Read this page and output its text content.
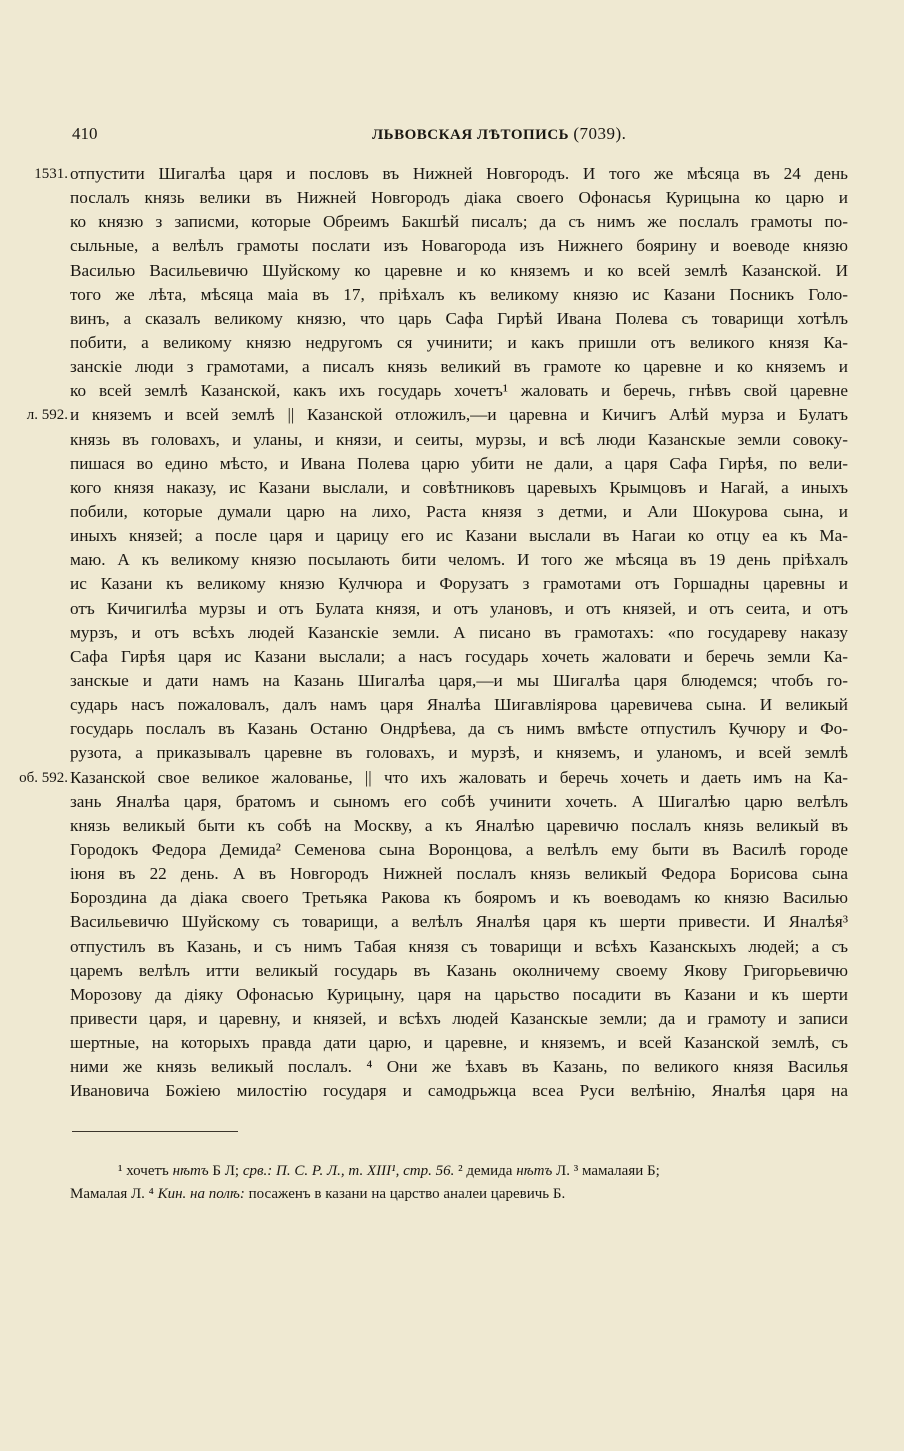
410	ЛЬВОВСКАЯ ЛѢТОПИСЬ (7039).
1531. отпустити Шигалѣа царя и пословъ въ Нижней Новгородъ. И того же мѣсяца въ 24 день
послалъ князь велики въ Нижней Новгородъ дiака своего Офонасья Курицына ко царю и
ко князю з записми, которые Обреимъ Бакшѣй писалъ; да съ нимъ же послалъ грамоты по-
сыльные, а велѣлъ грамоты послати изъ Новагорода изъ Нижнего боярину и воеводе князю
Василью Васильевичю Шуйскому ко царевне и ко княземъ и ко всей землѣ Казанской. И
того же лѣта, мѣсяца маiа въ 17, прiѣхалъ къ великому князю ис Казани Посникъ Голо-
винъ, а сказалъ великому князю, что царь Сафа Гирѣй Ивана Полева съ товарищи хотѣлъ
побити, а великому князю недругомъ ся учинити; и какъ пришли отъ великого князя Ка-
занскiе люди з грамотами, а писалъ князь великий въ грамоте ко царевне и ко княземъ и
ко всей землѣ Казанской, какъ ихъ государь хочетъ¹ жаловать и беречь, гнѣвъ свой царевне
л. 592. и княземъ и всей землѣ || Казанской отложилъ,—и царевна и Кичигъ Алѣй мурза и Булатъ
князь въ головахъ, и уланы, и князи, и сеиты, мурзы, и всѣ люди Казанскые земли совоку-
пишася во едино мѣсто, и Ивана Полева царю убити не дали, а царя Сафа Гирѣя, по вели-
кого князя наказу, ис Казани выслали, и совѣтниковъ царевыхъ Крымцовъ и Нагай, а иныхъ
побили, которые думали царю на лихо, Раста князя з детми, и Али Шокурова сына, и
иныхъ князей; а после царя и царицу его ис Казани выслали въ Нагаи ко отцу еа къ Ма-
маю. А къ великому князю посылають бити челомъ. И того же мѣсяца въ 19 день прiѣхалъ
ис Казани къ великому князю Кулчюра и Форузатъ з грамотами отъ Горшадны царевны и
отъ Кичигилѣа мурзы и отъ Булата князя, и отъ улановъ, и отъ князей, и отъ сеита, и отъ
мурзъ, и отъ всѣхъ людей Казанскiе земли. А писано въ грамотахъ: «по государеву наказу
Сафа Гирѣя царя ис Казани выслали; а насъ государь хочеть жаловати и беречь земли Ка-
занскые и дати намъ на Казань Шигалѣа царя,—и мы Шигалѣа царя блюдемся; чтобъ го-
сударь насъ пожаловалъ, далъ намъ царя Яналѣа Шигавлiярова царевичева сына. И великый
государь послалъ въ Казань Останю Ондрѣева, да съ нимъ вмѣсте отпустилъ Кучюру и Фо-
рузота, а приказывалъ царевне въ головахъ, и мурзѣ, и княземъ, и уланомъ, и всей землѣ
об. 592. Казанской свое великое жалованье, || что ихъ жаловать и беречь хочеть и даеть имъ на Ка-
зань Яналѣа царя, братомъ и сыномъ его собѣ учинити хочеть. А Шигалѣю царю велѣлъ
князь великый быти къ собѣ на Москву, а къ Яналѣю царевичю послалъ князь великый въ
Городокъ Федора Демида² Семенова сына Воронцова, а велѣлъ ему быти въ Василѣ городе
iюня въ 22 день. А въ Новгородъ Нижней послалъ князь великый Федора Борисова сына
Бороздина да дiака своего Третьяка Ракова къ бояромъ и къ воеводамъ ко князю Василью
Васильевичю Шуйскому съ товарищи, а велѣлъ Яналѣя царя къ шерти привести. И Яналѣя³
отпустилъ въ Казань, и съ нимъ Табая князя съ товарищи и всѣхъ Казанскыхъ людей; а съ
царемъ велѣлъ итти великый государь въ Казань околничему своему Якову Григорьевичю
Морозову да дiяку Офонасью Курицыну, царя на царьство посадити въ Казани и къ шерти
привести царя, и царевну, и князей, и всѣхъ людей Казанскые земли; да и грамоту и записи
шертные, на которыхъ правда дати царю, и царевне, и княземъ, и всей Казанской землѣ, съ
ними же князь великый послалъ. ⁴ Они же ѣхавъ въ Казань, по великого князя Василья
Ивановича Божiею милостiю государя и самодрьжца всеа Руси велѣнiю, Яналѣя царя на
¹ хочетъ нѣтъ Б Л; срв.: П. С. Р. Л., т. XIII¹, стр. 56. ² демида нѣтъ Л. ³ мамалаяи Б;
Мамалая Л. ⁴ Кин. на полѣ: посаженъ в казани на царство аналеи царевичь Б.
